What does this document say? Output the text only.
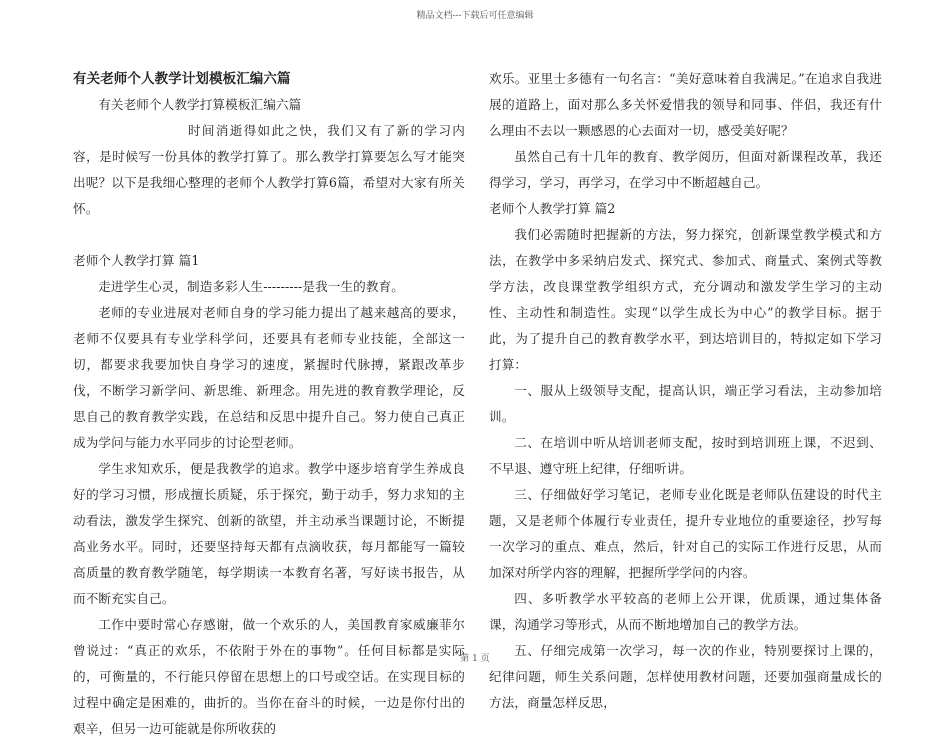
精品文档---下载后可任意编辑

有关老师个人教学计划模板汇编六篇

有关老师个人教学打算模板汇编六篇

时间消逝得如此之快，我们又有了新的学习内容，是时候写一份具体的教学打算了。那么教学打算要怎么写才能突出呢？以下是我细心整理的老师个人教学打算6篇，希望对大家有所关怀。

老师个人教学打算 篇1

走进学生心灵，制造多彩人生---------是我一生的教育。

老师的专业进展对老师自身的学习能力提出了越来越高的要求，老师不仅要具有专业学科学问，还要具有老师专业技能，全部这一切，都要求我要加快自身学习的速度，紧握时代脉搏，紧跟改革步伐，不断学习新学问、新思维、新理念。用先进的教育教学理论，反思自己的教育教学实践，在总结和反思中提升自己。努力使自己真正成为学问与能力水平同步的讨论型老师。

学生求知欢乐，便是我教学的追求。教学中逐步培育学生养成良好的学习习惯，形成擅长质疑，乐于探究，勤于动手，努力求知的主动看法，激发学生探究、创新的欲望，并主动承当课题讨论，不断提高业务水平。同时，还要坚持每天都有点滴收获，每月都能写一篇较高质量的教育教学随笔，每学期读一本教育名著，写好读书报告，从而不断充实自己。

工作中要时常心存感谢，做一个欢乐的人，美国教育家威廉菲尔曾说过：“真正的欢乐，不依附于外在的事物”。任何目标都是实际的，可衡量的，不行能只停留在思想上的口号或空话。在实现目标的过程中确定是困难的，曲折的。当你在奋斗的时候，一边是你付出的艰辛，但另一边可能就是你所收获的

欢乐。亚里士多德有一句名言：“美好意味着自我满足。”在追求自我进展的道路上，面对那么多关怀爱惜我的领导和同事、伴侣，我还有什么理由不去以一颗感恩的心去面对一切，感受美好呢？

虽然自己有十几年的教育、教学阅历，但面对新课程改革，我还得学习，学习，再学习，在学习中不断超越自己。

老师个人教学打算 篇2

我们必需随时把握新的方法，努力探究，创新课堂教学模式和方法，在教学中多采纳启发式、探究式、参加式、商量式、案例式等教学方法，改良课堂教学组织方式，充分调动和激发学生学习的主动性、主动性和制造性。实现“以学生成长为中心”的教学目标。据于此，为了提升自己的教育教学水平，到达培训目的，特拟定如下学习打算：

一、服从上级领导支配，提高认识，端正学习看法，主动参加培训。

二、在培训中听从培训老师支配，按时到培训班上课，不迟到、不早退、遵守班上纪律，仔细听讲。

三、仔细做好学习笔记，老师专业化既是老师队伍建设的时代主题，又是老师个体履行专业责任，提升专业地位的重要途径，抄写每一次学习的重点、难点，然后，针对自己的实际工作进行反思，从而加深对所学内容的理解，把握所学学问的内容。

四、多听教学水平较高的老师上公开课，优质课，通过集体备课，沟通学习等形式，从而不断地增加自己的教学方法。

五、仔细完成第一次学习，每一次的作业，特别要探讨上课的，纪律问题，师生关系问题，怎样使用教材问题，还要加强商量成长的方法，商量怎样反思，

第 1 页
